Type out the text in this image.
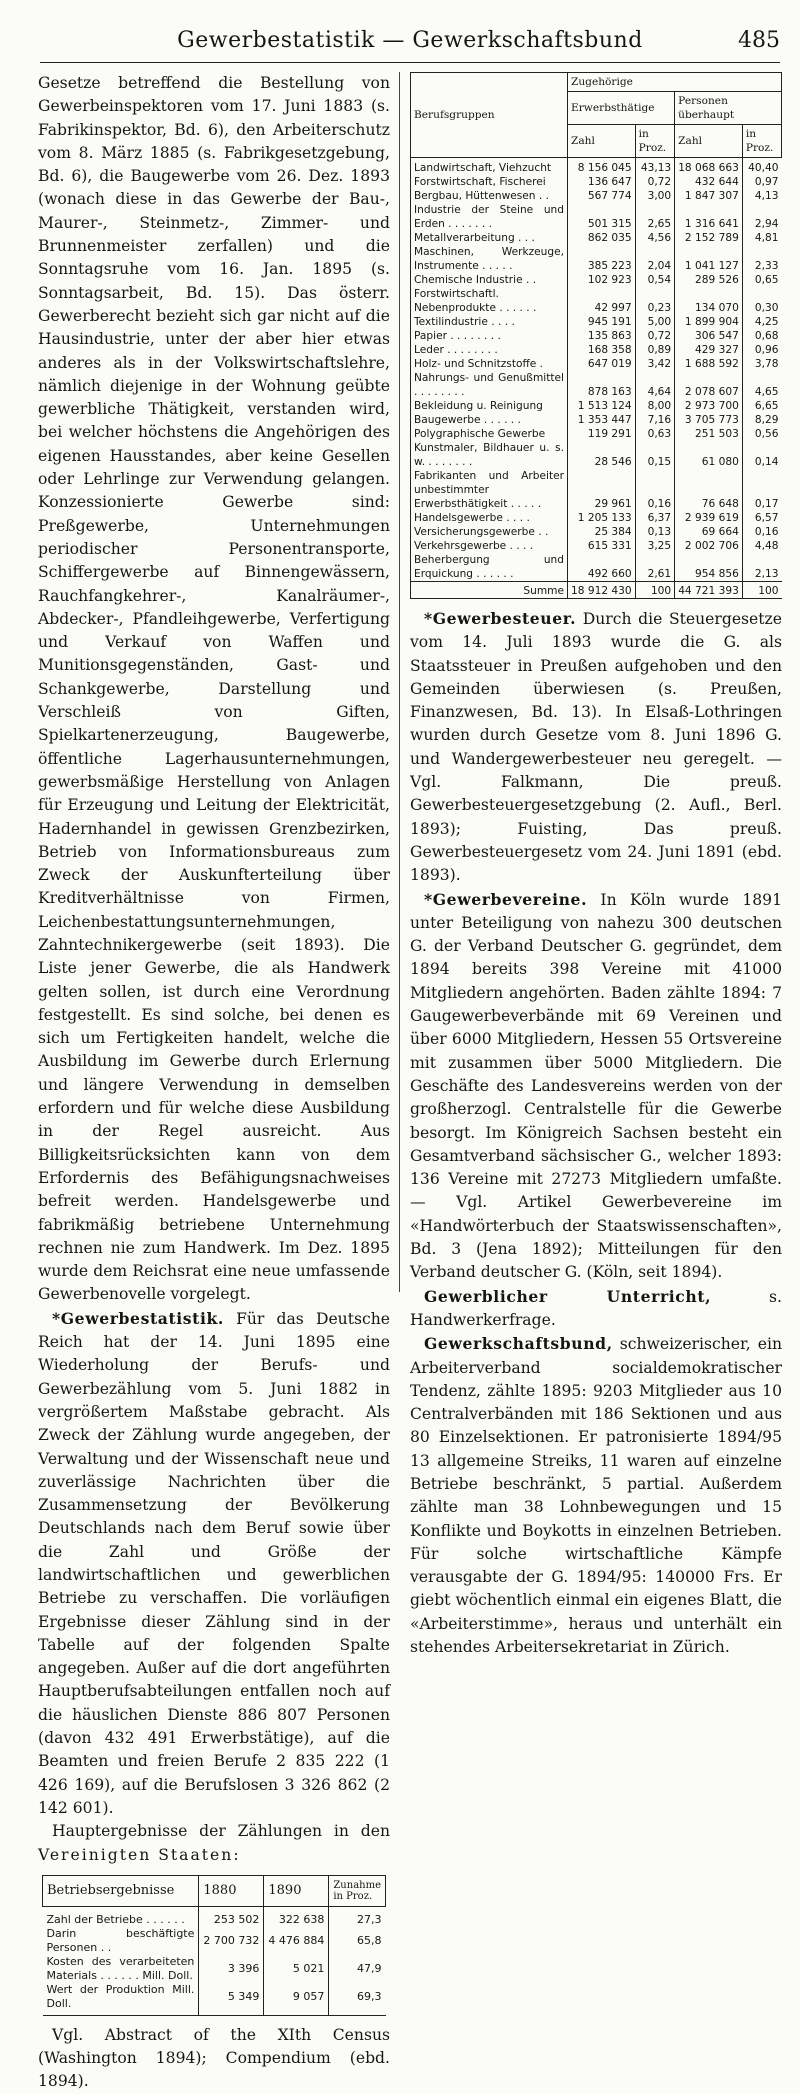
Gewerbestatistik — Gewerkschaftsbund	485

Gesetze betreffend die Bestellung von Gewerbeinspektoren vom 17. Juni 1883 (s. Fabrikinspektor, Bd. 6), den Arbeiterschutz vom 8. März 1885 (s. Fabrikgesetzgebung, Bd. 6), die Baugewerbe vom 26. Dez. 1893 (wonach diese in das Gewerbe der Bau-, Maurer-, Steinmetz-, Zimmer- und Brunnenmeister zerfallen) und die Sonntagsruhe vom 16. Jan. 1895 (s. Sonntagsarbeit, Bd. 15). Das österr. Gewerberecht bezieht sich gar nicht auf die Hausindustrie, unter der aber hier etwas anderes als in der Volkswirtschaftslehre, nämlich diejenige in der Wohnung geübte gewerbliche Thätigkeit, verstanden wird, bei welcher höchstens die Angehörigen des eigenen Hausstandes, aber keine Gesellen oder Lehrlinge zur Verwendung gelangen. Konzessionierte Gewerbe sind: Preßgewerbe, Unternehmungen periodischer Personentransporte, Schiffergewerbe auf Binnengewässern, Rauchfangkehrer-, Kanalräumer-, Abdecker-, Pfandleihgewerbe, Verfertigung und Verkauf von Waffen und Munitionsgegenständen, Gast- und Schankgewerbe, Darstellung und Verschleiß von Giften, Spielkartenerzeugung, Baugewerbe, öffentliche Lagerhausunternehmungen, gewerbsmäßige Herstellung von Anlagen für Erzeugung und Leitung der Elektricität, Hadernhandel in gewissen Grenzbezirken, Betrieb von Informationsbureaus zum Zweck der Auskunfterteilung über Kreditverhältnisse von Firmen, Leichenbestattungsunternehmungen, Zahntechnikergewerbe (seit 1893). Die Liste jener Gewerbe, die als Handwerk gelten sollen, ist durch eine Verordnung festgestellt. Es sind solche, bei denen es sich um Fertigkeiten handelt, welche die Ausbildung im Gewerbe durch Erlernung und längere Verwendung in demselben erfordern und für welche diese Ausbildung in der Regel ausreicht. Aus Billigkeitsrücksichten kann von dem Erfordernis des Befähigungsnachweises befreit werden. Handelsgewerbe und fabrikmäßig betriebene Unternehmung rechnen nie zum Handwerk. Im Dez. 1895 wurde dem Reichsrat eine neue umfassende Gewerbenovelle vorgelegt.

*Gewerbestatistik. Für das Deutsche Reich hat der 14. Juni 1895 eine Wiederholung der Berufs- und Gewerbezählung vom 5. Juni 1882 in vergrößertem Maßstabe gebracht. Als Zweck der Zählung wurde angegeben, der Verwaltung und der Wissenschaft neue und zuverlässige Nachrichten über die Zusammensetzung der Bevölkerung Deutschlands nach dem Beruf sowie über die Zahl und Größe der landwirtschaftlichen und gewerblichen Betriebe zu verschaffen. Die vorläufigen Ergebnisse dieser Zählung sind in der Tabelle auf der folgenden Spalte angegeben. Außer auf die dort angeführten Hauptberufsabteilungen entfallen noch auf die häuslichen Dienste 886 807 Personen (davon 432 491 Erwerbstätige), auf die Beamten und freien Berufe 2 835 222 (1 426 169), auf die Berufslosen 3 326 862 (2 142 601).

Hauptergebnisse der Zählungen in den Vereinigten Staaten:

Betriebsergebnisse	1880	1890	Zunahme in Proz.
Zahl der Betriebe . . . . . .	253 502	322 638	27,3
Darin beschäftigte Personen . .	2 700 732	4 476 884	65,8
Kosten des verarbeiteten Materials . . . . . . Mill. Doll.	3 396	5 021	47,9
Wert der Produktion Mill. Doll.	5 349	9 057	69,3

Vgl. Abstract of the XIth Census (Washington 1894); Compendium (ebd. 1894).

Berufsgruppen	Zugehörige			
	Erwerbsthätige		Personen überhaupt	
	Zahl	in Proz.	Zahl	in Proz.
Landwirtschaft, Viehzucht	8 156 045	43,13	18 068 663	40,40
Forstwirtschaft, Fischerei	136 647	0,72	432 644	0,97
Bergbau, Hüttenwesen . .	567 774	3,00	1 847 307	4,13
Industrie der Steine und Erden . . . . . . .	501 315	2,65	1 316 641	2,94
Metallverarbeitung . . .	862 035	4,56	2 152 789	4,81
Maschinen, Werkzeuge, Instrumente . . . . .	385 223	2,04	1 041 127	2,33
Chemische Industrie . .	102 923	0,54	289 526	0,65
Forstwirtschaftl. Nebenprodukte . . . . . .	42 997	0,23	134 070	0,30
Textilindustrie . . . .	945 191	5,00	1 899 904	4,25
Papier . . . . . . . .	135 863	0,72	306 547	0,68
Leder . . . . . . . .	168 358	0,89	429 327	0,96
Holz- und Schnitzstoffe .	647 019	3,42	1 688 592	3,78
Nahrungs- und Genußmittel . . . . . . . .	878 163	4,64	2 078 607	4,65
Bekleidung u. Reinigung	1 513 124	8,00	2 973 700	6,65
Baugewerbe . . . . . .	1 353 447	7,16	3 705 773	8,29
Polygraphische Gewerbe	119 291	0,63	251 503	0,56
Kunstmaler, Bildhauer u. s. w. . . . . . . .	28 546	0,15	61 080	0,14
Fabrikanten und Arbeiter unbestimmter Erwerbsthätigkeit . . . . .	29 961	0,16	76 648	0,17
Handelsgewerbe . . . .	1 205 133	6,37	2 939 619	6,57
Versicherungsgewerbe . .	25 384	0,13	69 664	0,16
Verkehrsgewerbe . . . .	615 331	3,25	2 002 706	4,48
Beherbergung und Erquickung . . . . . .	492 660	2,61	954 856	2,13
Summe	18 912 430	100	44 721 393	100

*Gewerbesteuer. Durch die Steuergesetze vom 14. Juli 1893 wurde die G. als Staatssteuer in Preußen aufgehoben und den Gemeinden überwiesen (s. Preußen, Finanzwesen, Bd. 13). In Elsaß-Lothringen wurden durch Gesetze vom 8. Juni 1896 G. und Wandergewerbesteuer neu geregelt. — Vgl. Falkmann, Die preuß. Gewerbesteuergesetzgebung (2. Aufl., Berl. 1893); Fuisting, Das preuß. Gewerbesteuergesetz vom 24. Juni 1891 (ebd. 1893).

*Gewerbevereine. In Köln wurde 1891 unter Beteiligung von nahezu 300 deutschen G. der Verband Deutscher G. gegründet, dem 1894 bereits 398 Vereine mit 41000 Mitgliedern angehörten. Baden zählte 1894: 7 Gaugewerbeverbände mit 69 Vereinen und über 6000 Mitgliedern, Hessen 55 Ortsvereine mit zusammen über 5000 Mitgliedern. Die Geschäfte des Landesvereins werden von der großherzogl. Centralstelle für die Gewerbe besorgt. Im Königreich Sachsen besteht ein Gesamtverband sächsischer G., welcher 1893: 136 Vereine mit 27273 Mitgliedern umfaßte. — Vgl. Artikel Gewerbevereine im «Handwörterbuch der Staatswissenschaften», Bd. 3 (Jena 1892); Mitteilungen für den Verband deutscher G. (Köln, seit 1894).

Gewerblicher Unterricht, s. Handwerkerfrage.

Gewerkschaftsbund, schweizerischer, ein Arbeiterverband socialdemokratischer Tendenz, zählte 1895: 9203 Mitglieder aus 10 Centralverbänden mit 186 Sektionen und aus 80 Einzelsektionen. Er patronisierte 1894/95 13 allgemeine Streiks, 11 waren auf einzelne Betriebe beschränkt, 5 partial. Außerdem zählte man 38 Lohnbewegungen und 15 Konflikte und Boykotts in einzelnen Betrieben. Für solche wirtschaftliche Kämpfe verausgabte der G. 1894/95: 140000 Frs. Er giebt wöchentlich einmal ein eigenes Blatt, die «Arbeiterstimme», heraus und unterhält ein stehendes Arbeitersekretariat in Zürich.
